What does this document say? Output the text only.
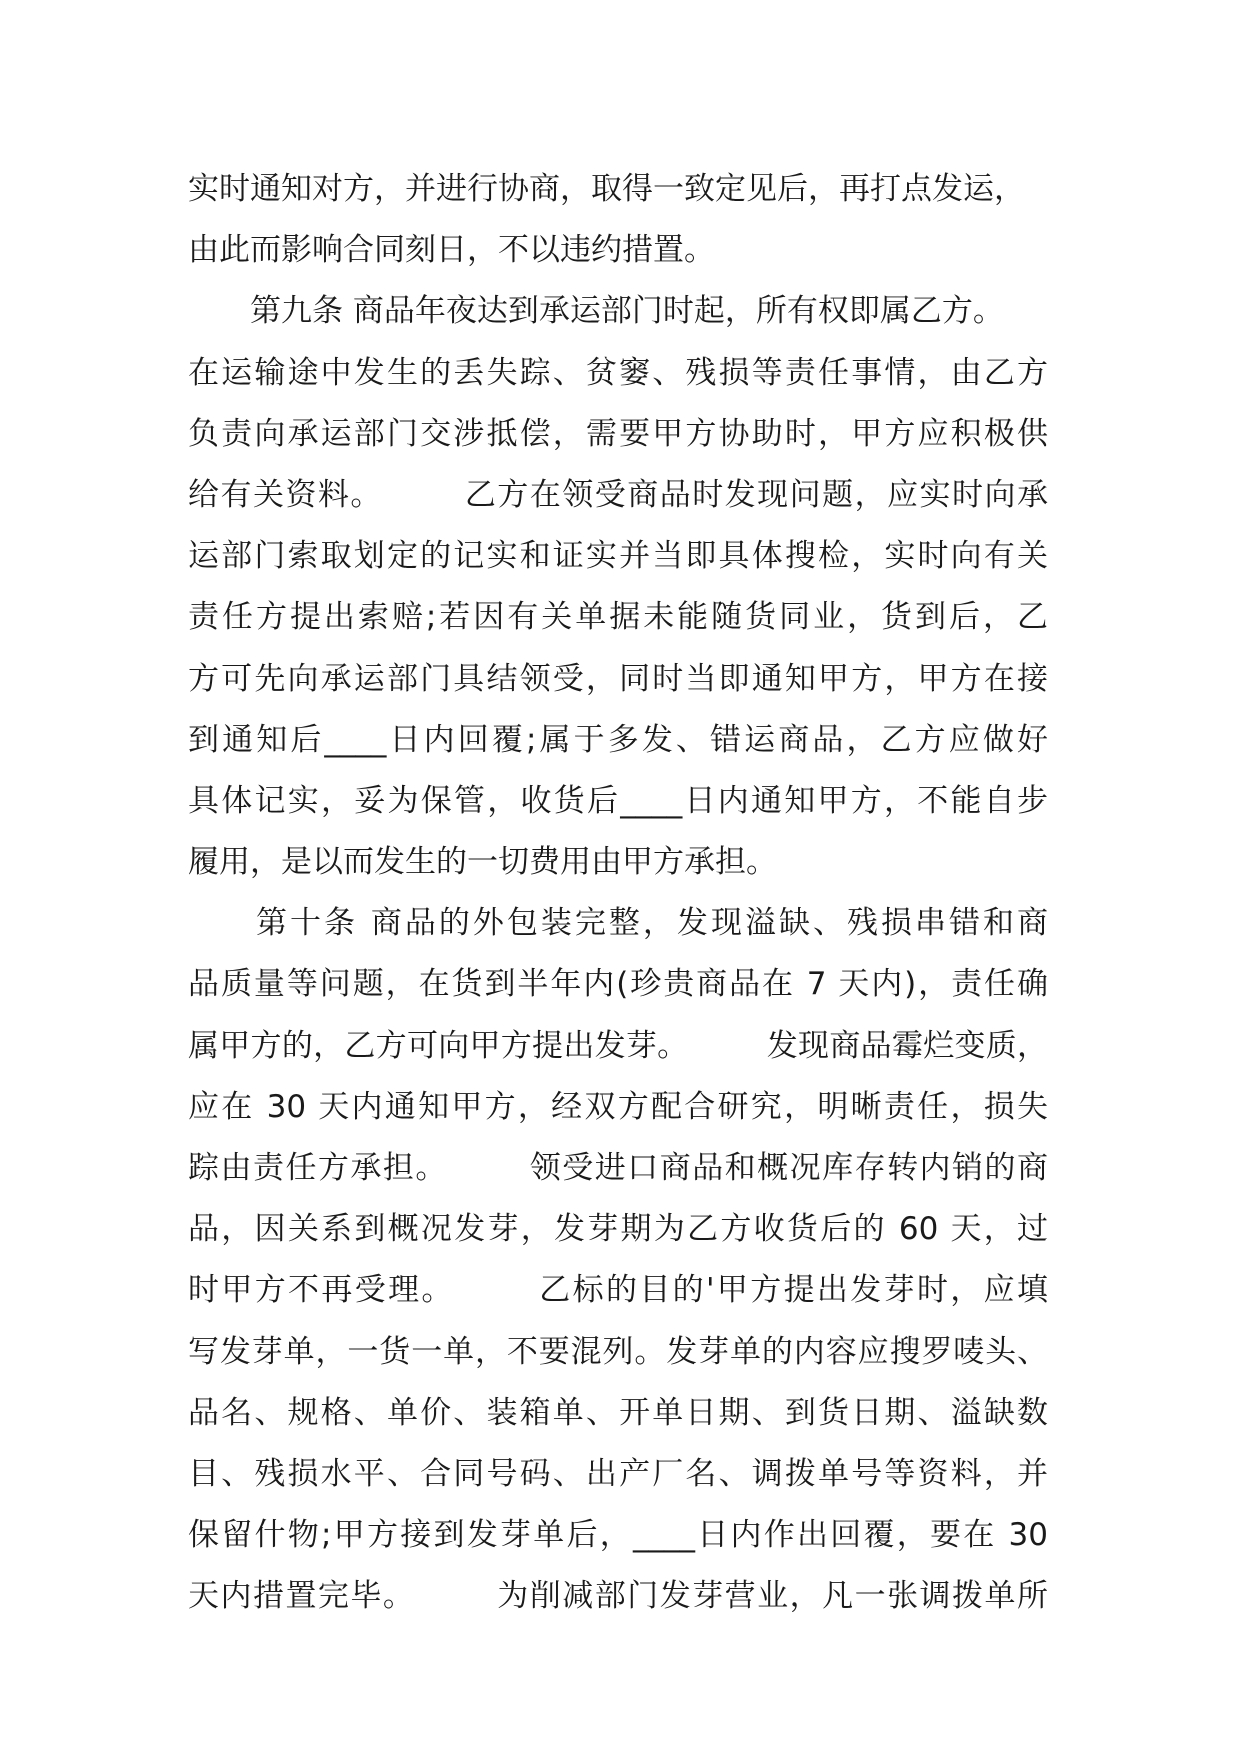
实时通知对方，并进行协商，取得一致定见后，再打点发运，
由此而影响合同刻日，不以违约措置。
　　第九条 商品年夜达到承运部门时起，所有权即属乙方。
在运输途中发生的丢失踪、贫窭、残损等责任事情，由乙方
负责向承运部门交涉抵偿，需要甲方协助时，甲方应积极供
给有关资料。　　　乙方在领受商品时发现问题，应实时向承
运部门索取划定的记实和证实并当即具体搜检，实时向有关
责任方提出索赔;若因有关单据未能随货同业，货到后，乙
方可先向承运部门具结领受，同时当即通知甲方，甲方在接
到通知后____日内回覆;属于多发、错运商品，乙方应做好
具体记实，妥为保管，收货后____日内通知甲方，不能自步
履用，是以而发生的一切费用由甲方承担。
　　第十条 商品的外包装完整，发现溢缺、残损串错和商
品质量等问题，在货到半年内(珍贵商品在 7 天内)，责任确
属甲方的，乙方可向甲方提出发芽。　　　发现商品霉烂变质，
应在 30 天内通知甲方，经双方配合研究，明晰责任，损失
踪由责任方承担。　　　领受进口商品和概况库存转内销的商
品，因关系到概况发芽，发芽期为乙方收货后的 60 天，过
时甲方不再受理。　　　乙标的目的'甲方提出发芽时，应填
写发芽单，一货一单，不要混列。发芽单的内容应搜罗唛头、
品名、规格、单价、装箱单、开单日期、到货日期、溢缺数
目、残损水平、合同号码、出产厂名、调拨单号等资料，并
保留什物;甲方接到发芽单后，____日内作出回覆，要在 30
天内措置完毕。　　　为削减部门发芽营业，凡一张调拨单所
